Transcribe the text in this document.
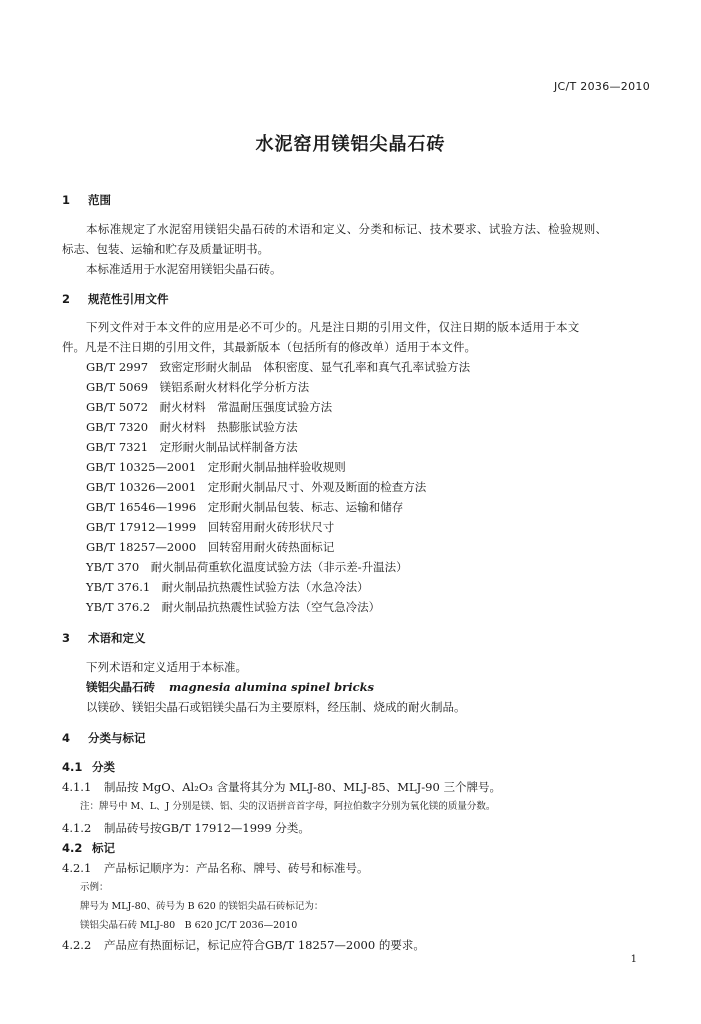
JC/T 2036—2010
水泥窑用镁铝尖晶石砖
1 范围
本标准规定了水泥窑用镁铝尖晶石砖的术语和定义、分类和标记、技术要求、试验方法、检验规则、
标志、包装、运输和贮存及质量证明书。
本标准适用于水泥窑用镁铝尖晶石砖。
2 规范性引用文件
下列文件对于本文件的应用是必不可少的。凡是注日期的引用文件，仅注日期的版本适用于本文
件。凡是不注日期的引用文件，其最新版本（包括所有的修改单）适用于本文件。
GB/T 2997　 致密定形耐火制品　体积密度、显气孔率和真气孔率试验方法
GB/T 5069　 镁铝系耐火材料化学分析方法
GB/T 5072　 耐火材料　常温耐压强度试验方法
GB/T 7320　 耐火材料　热膨胀试验方法
GB/T 7321　 定形耐火制品试样制备方法
GB/T 10325—2001　 定形耐火制品抽样验收规则
GB/T 10326—2001　 定形耐火制品尺寸、外观及断面的检查方法
GB/T 16546—1996　 定形耐火制品包装、标志、运输和储存
GB/T 17912—1999　 回转窑用耐火砖形状尺寸
GB/T 18257—2000　 回转窑用耐火砖热面标记
YB/T 370　 耐火制品荷重软化温度试验方法（非示差-升温法）
YB/T 376.1　 耐火制品抗热震性试验方法（水急冷法）
YB/T 376.2　 耐火制品抗热震性试验方法（空气急冷法）
3 术语和定义
下列术语和定义适用于本标准。
镁铝尖晶石砖 magnesia alumina spinel bricks
以镁砂、镁铝尖晶石或铝镁尖晶石为主要原料，经压制、烧成的耐火制品。
4 分类与标记
4.1 分类
4.1.1 制品按 MgO、Al₂O₃ 含量将其分为 MLJ-80、MLJ-85、MLJ-90 三个牌号。
注：牌号中 M、L、J 分别是镁、铝、尖的汉语拼音首字母，阿拉伯数字分别为氧化镁的质量分数。
4.1.2 制品砖号按GB/T 17912—1999 分类。
4.2 标记
4.2.1 产品标记顺序为：产品名称、牌号、砖号和标准号。
示例：
牌号为 MLJ-80、砖号为 B 620 的镁铝尖晶石砖标记为：
镁铝尖晶石砖 MLJ-80　B 620 JC/T 2036—2010
4.2.2 产品应有热面标记，标记应符合GB/T 18257—2000 的要求。
1
